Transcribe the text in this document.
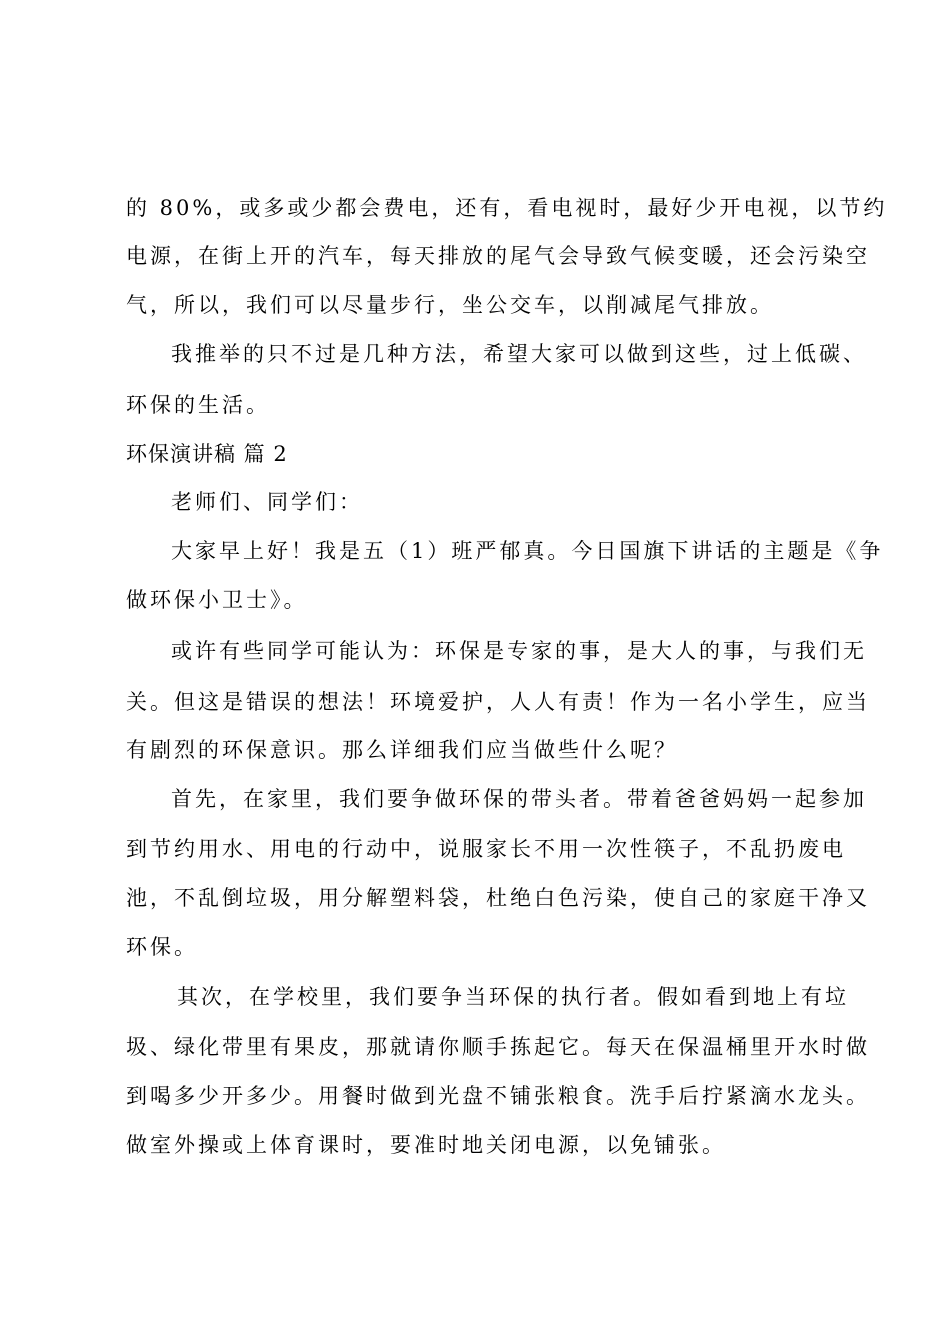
的 80%，或多或少都会费电，还有，看电视时，最好少开电视，以节约
电源，在街上开的汽车，每天排放的尾气会导致气候变暖，还会污染空
气，所以，我们可以尽量步行，坐公交车，以削减尾气排放。
我推举的只不过是几种方法，希望大家可以做到这些，过上低碳、
环保的生活。
环保演讲稿 篇 2
老师们、同学们：
大家早上好！我是五（1）班严郁真。今日国旗下讲话的主题是《争
做环保小卫士》。
或许有些同学可能认为：环保是专家的事，是大人的事，与我们无
关。但这是错误的想法！环境爱护，人人有责！作为一名小学生，应当
有剧烈的环保意识。那么详细我们应当做些什么呢？
首先，在家里，我们要争做环保的带头者。带着爸爸妈妈一起参加
到节约用水、用电的行动中，说服家长不用一次性筷子，不乱扔废电
池，不乱倒垃圾，用分解塑料袋，杜绝白色污染，使自己的家庭干净又
环保。
其次，在学校里，我们要争当环保的执行者。假如看到地上有垃
圾、绿化带里有果皮，那就请你顺手拣起它。每天在保温桶里开水时做
到喝多少开多少。用餐时做到光盘不铺张粮食。洗手后拧紧滴水龙头。
做室外操或上体育课时，要准时地关闭电源，以免铺张。
